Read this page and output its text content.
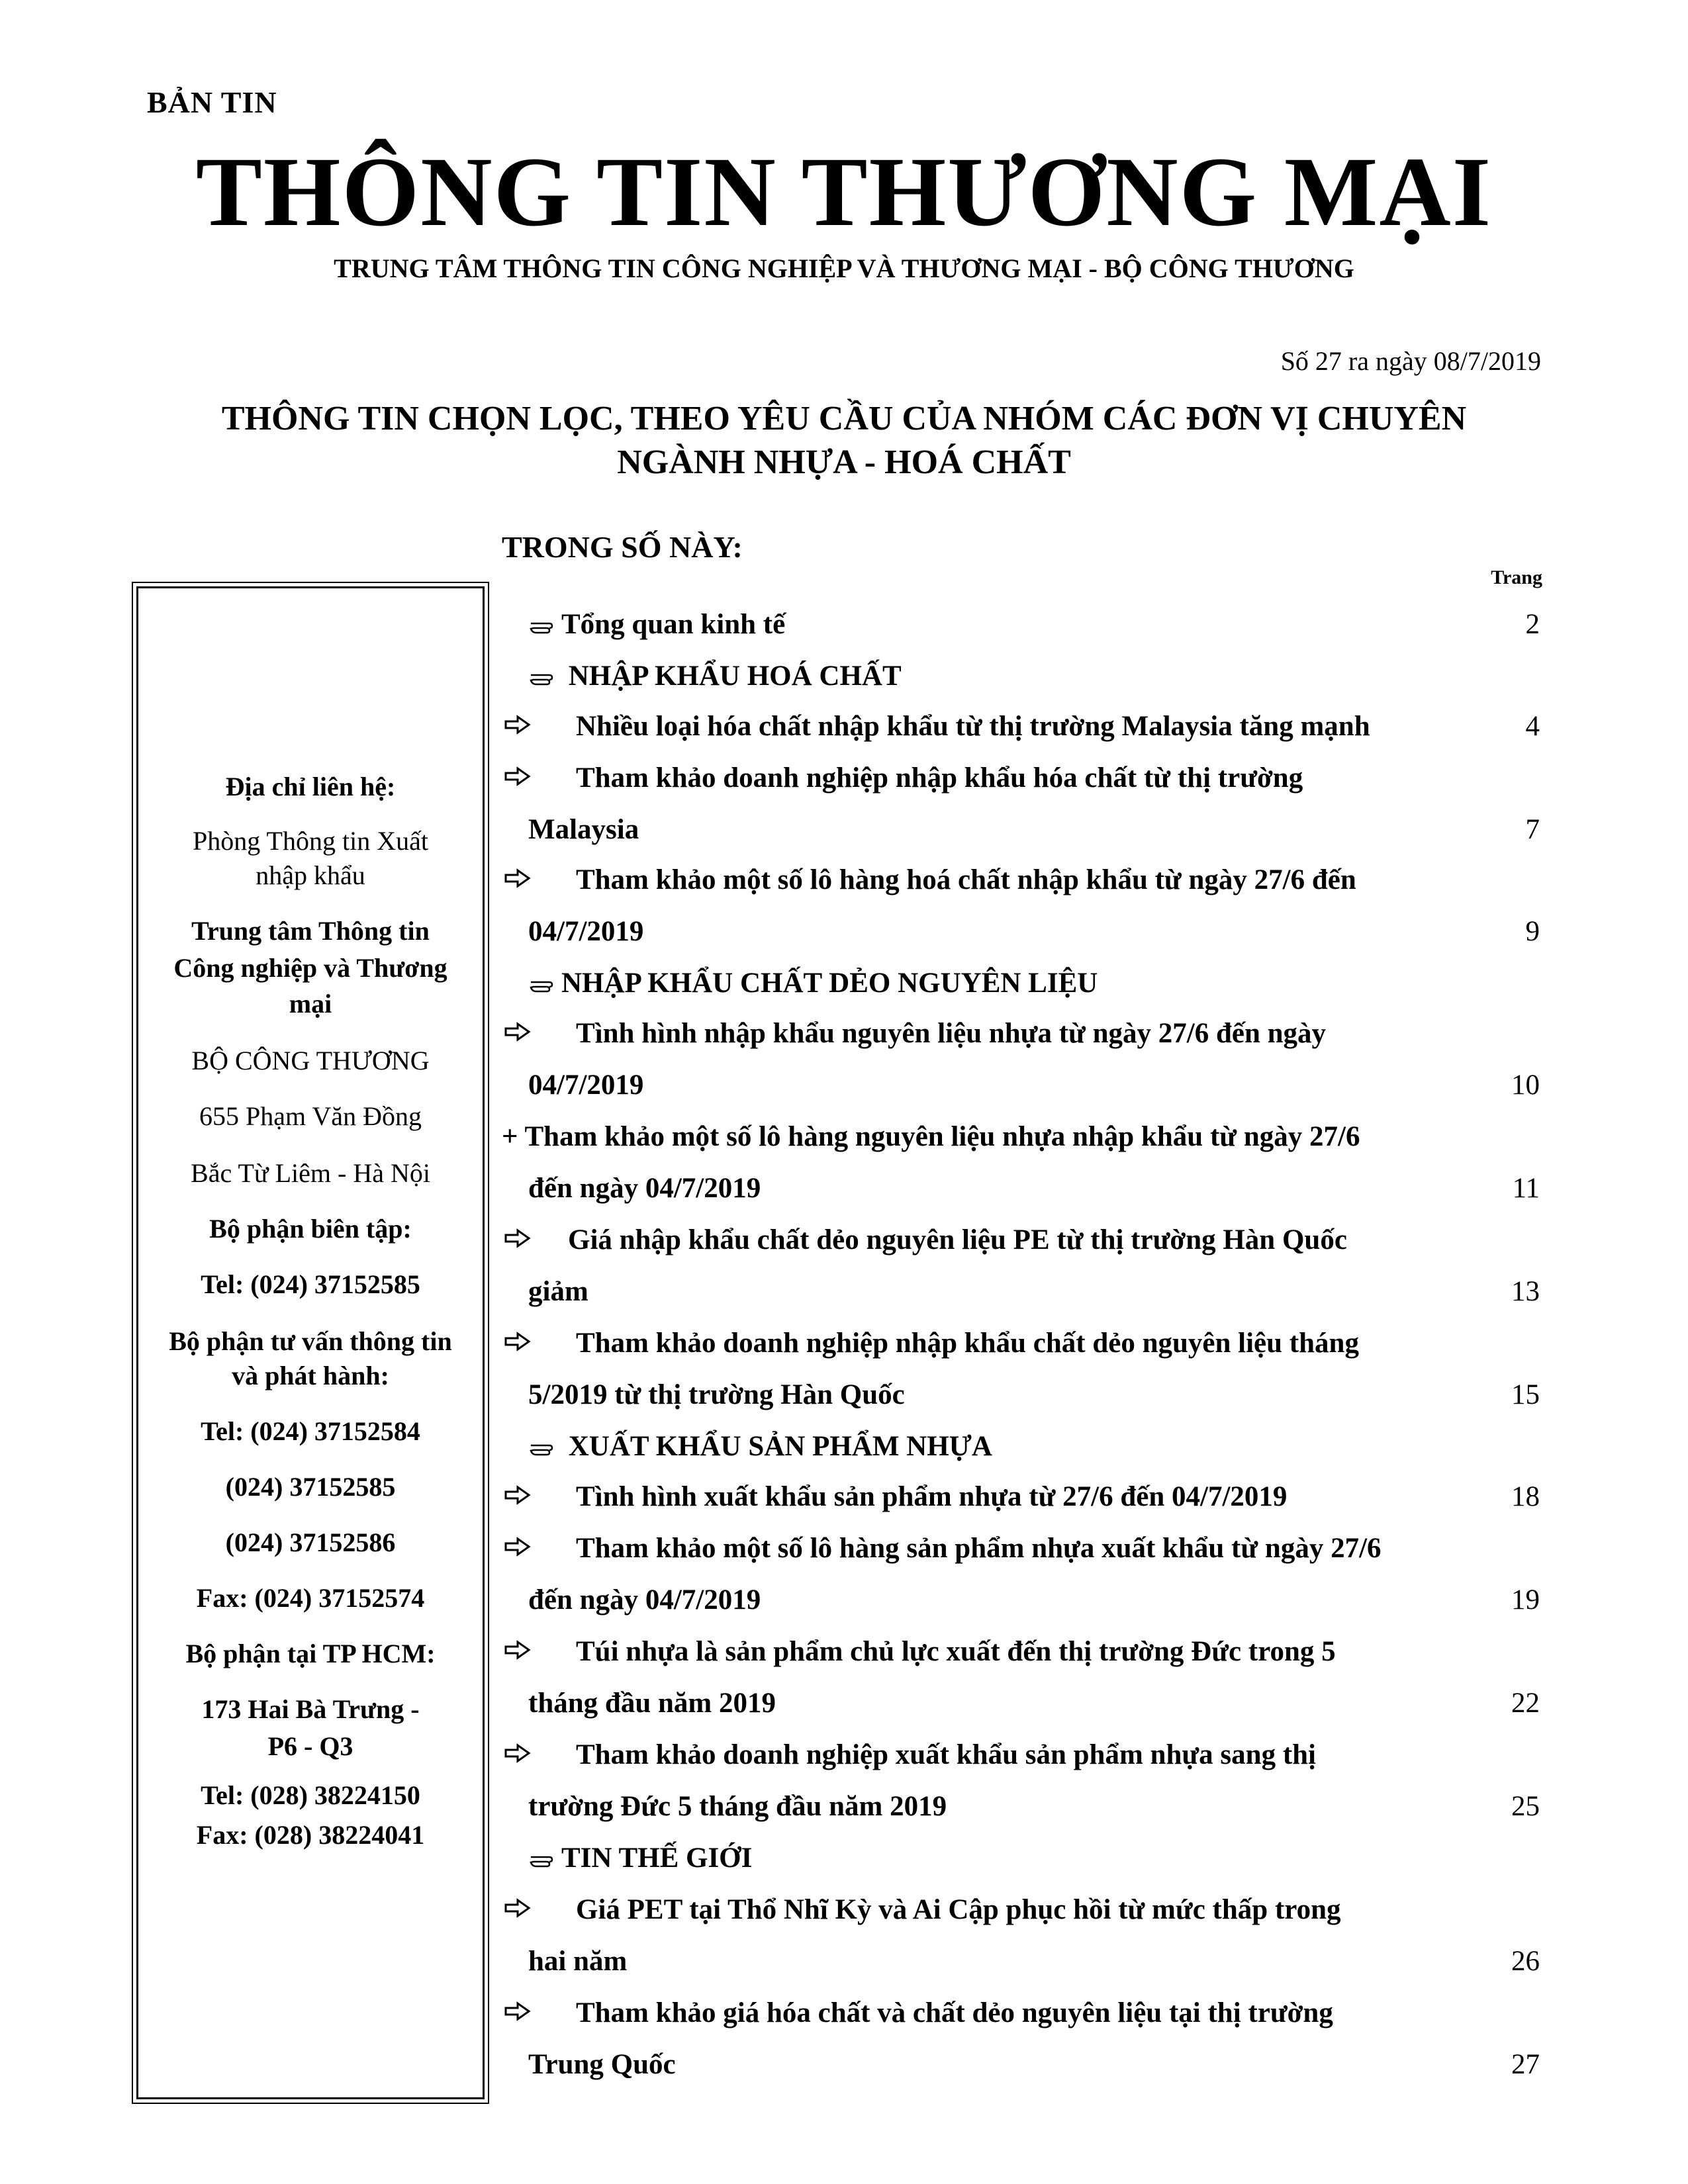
BẢN TIN
THÔNG TIN THƯƠNG MẠI
TRUNG TÂM THÔNG TIN CÔNG NGHIỆP VÀ THƯƠNG MẠI - BỘ CÔNG THƯƠNG
Số 27 ra ngày 08/7/2019
THÔNG TIN CHỌN LỌC, THEO YÊU CẦU CỦA NHÓM CÁC ĐƠN VỊ CHUYÊN
NGÀNH NHỰA - HOÁ CHẤT
TRONG SỐ NÀY:
Trang
Địa chỉ liên hệ:
Phòng Thông tin Xuất
nhập khẩu
Trung tâm Thông tin
Công nghiệp và Thương
mại
BỘ CÔNG THƯƠNG
655 Phạm Văn Đồng
Bắc Từ Liêm - Hà Nội
Bộ phận biên tập:
Tel: (024) 37152585
Bộ phận tư vấn thông tin
và phát hành:
Tel: (024) 37152584
(024) 37152585
(024) 37152586
Fax: (024) 37152574
Bộ phận tại TP HCM:
173 Hai Bà Trưng -
P6 - Q3
Tel: (028) 38224150
Fax: (028) 38224041
Tổng quan kinh tế	2
NHẬP KHẨU HOÁ CHẤT
Nhiều loại hóa chất nhập khẩu từ thị trường Malaysia tăng mạnh	4
Tham khảo doanh nghiệp nhập khẩu hóa chất từ thị trường
Malaysia	7
Tham khảo một số lô hàng hoá chất nhập khẩu từ ngày 27/6 đến
04/7/2019	9
NHẬP KHẨU CHẤT DẺO NGUYÊN LIỆU
Tình hình nhập khẩu nguyên liệu nhựa từ ngày 27/6 đến ngày
04/7/2019	10
+ Tham khảo một số lô hàng nguyên liệu nhựa nhập khẩu từ ngày 27/6
đến ngày 04/7/2019	11
Giá nhập khẩu chất dẻo nguyên liệu PE từ thị trường Hàn Quốc
giảm	13
Tham khảo doanh nghiệp nhập khẩu chất dẻo nguyên liệu tháng
5/2019 từ thị trường Hàn Quốc	15
XUẤT KHẨU SẢN PHẨM NHỰA
Tình hình xuất khẩu sản phẩm nhựa từ 27/6 đến 04/7/2019	18
Tham khảo một số lô hàng sản phẩm nhựa xuất khẩu từ ngày 27/6
đến ngày 04/7/2019	19
Túi nhựa là sản phẩm chủ lực xuất đến thị trường Đức trong 5
tháng đầu năm 2019	22
Tham khảo doanh nghiệp xuất khẩu sản phẩm nhựa sang thị
trường Đức 5 tháng đầu năm 2019	25
TIN THẾ GIỚI
Giá PET tại Thổ Nhĩ Kỳ và Ai Cập phục hồi từ mức thấp trong
hai năm	26
Tham khảo giá hóa chất và chất dẻo nguyên liệu tại thị trường
Trung Quốc	27
